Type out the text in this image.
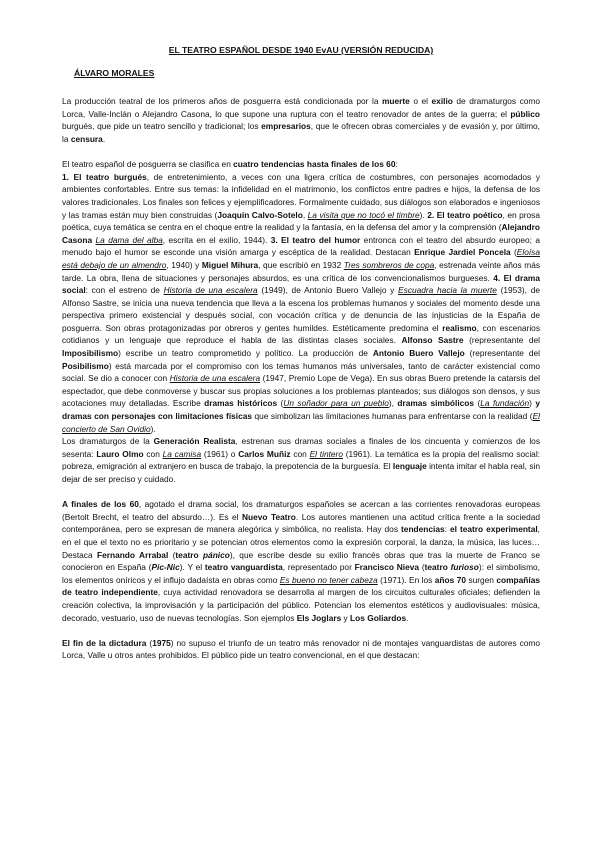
EL TEATRO ESPAÑOL DESDE 1940 EvAU (VERSIÓN REDUCIDA)
ÁLVARO MORALES

La producción teatral de los primeros años de posguerra está condicionada por la muerte o el exilio de dramaturgos como Lorca, Valle-Inclán o Alejandro Casona, lo que supone una ruptura con el teatro renovador de antes de la guerra; el público burgués, que pide un teatro sencillo y tradicional; los empresarios, que le ofrecen obras comerciales y de evasión y, por último, la censura.

El teatro español de posguerra se clasifica en cuatro tendencias hasta finales de los 60:

1. El teatro burgués, de entretenimiento, a veces con una ligera crítica de costumbres, con personajes acomodados y ambientes confortables. Entre sus temas: la infidelidad en el matrimonio, los conflictos entre padres e hijos, la defensa de los valores tradicionales. Los finales son felices y ejemplificadores. Formalmente cuidado, sus diálogos son elaborados e ingeniosos y las tramas están muy bien construidas (Joaquín Calvo-Sotelo, La visita que no tocó el timbre). 2. El teatro poético, en prosa poética, cuya temática se centra en el choque entre la realidad y la fantasía, en la defensa del amor y la comprensión (Alejandro Casona La dama del alba, escrita en el exilio, 1944). 3. El teatro del humor entronca con el teatro del absurdo europeo; a menudo bajo el humor se esconde una visión amarga y escéptica de la realidad. Destacan Enrique Jardiel Poncela (Eloísa está debajo de un almendro, 1940) y Miguel Mihura, que escribió en 1932 Tres sombreros de copa, estrenada veinte años más tarde. La obra, llena de situaciones y personajes absurdos, es una crítica de los convencionalismos burgueses. 4. El drama social: con el estreno de Historia de una escalera (1949), de Antonio Buero Vallejo y Escuadra hacia la muerte (1953), de Alfonso Sastre, se inicia una nueva tendencia que lleva a la escena los problemas humanos y sociales del momento desde una perspectiva primero existencial y después social, con vocación crítica y de denuncia de las injusticias de la España de posguerra. Son obras protagonizadas por obreros y gentes humildes. Estéticamente predomina el realismo, con escenarios cotidianos y un lenguaje que reproduce el habla de las distintas clases sociales. Alfonso Sastre (representante del Imposibilismo) escribe un teatro comprometido y político. La producción de Antonio Buero Vallejo (representante del Posibilismo) está marcada por el compromiso con los temas humanos más universales, tanto de carácter existencial como social. Se dio a conocer con Historia de una escalera (1947, Premio Lope de Vega). En sus obras Buero pretende la catarsis del espectador, que debe conmoverse y buscar sus propias soluciones a los problemas planteados; sus diálogos son densos, y sus acotaciones muy detalladas. Escribe dramas históricos (Un soñador para un pueblo), dramas simbólicos (La fundación) y dramas con personajes con limitaciones físicas que simbolizan las limitaciones humanas para enfrentarse con la realidad (El concierto de San Ovidio).

Los dramaturgos de la Generación Realista, estrenan sus dramas sociales a finales de los cincuenta y comienzos de los sesenta: Lauro Olmo con La camisa (1961) o Carlos Muñiz con El tintero (1961). La temática es la propia del realismo social: pobreza, emigración al extranjero en busca de trabajo, la prepotencia de la burguesía. El lenguaje intenta imitar el habla real, sin dejar de ser preciso y cuidado.

A finales de los 60, agotado el drama social, los dramaturgos españoles se acercan a las corrientes renovadoras europeas (Bertolt Brecht, el teatro del absurdo…). Es el Nuevo Teatro. Los autores mantienen una actitud crítica frente a la sociedad contemporánea, pero se expresan de manera alegórica y simbólica, no realista. Hay dos tendencias: el teatro experimental, en el que el texto no es prioritario y se potencian otros elementos como la expresión corporal, la danza, la música, las luces… Destaca Fernando Arrabal (teatro pánico), que escribe desde su exilio francés obras que tras la muerte de Franco se conocieron en España (Pic-Nic). Y el teatro vanguardista, representado por Francisco Nieva (teatro furioso): el simbolismo, los elementos oníricos y el influjo dadaísta en obras como Es bueno no tener cabeza (1971). En los años 70 surgen compañías de teatro independiente, cuya actividad renovadora se desarrolla al margen de los circuitos culturales oficiales; defienden la creación colectiva, la improvisación y la participación del público. Potencian los elementos estéticos y audiovisuales: música, decorado, vestuario, uso de nuevas tecnologías. Son ejemplos Els Joglars y Los Goliardos.

El fin de la dictadura (1975) no supuso el triunfo de un teatro más renovador ni de montajes vanguardistas de autores como Lorca, Valle u otros antes prohibidos. El público pide un teatro convencional, en el que destacan:
